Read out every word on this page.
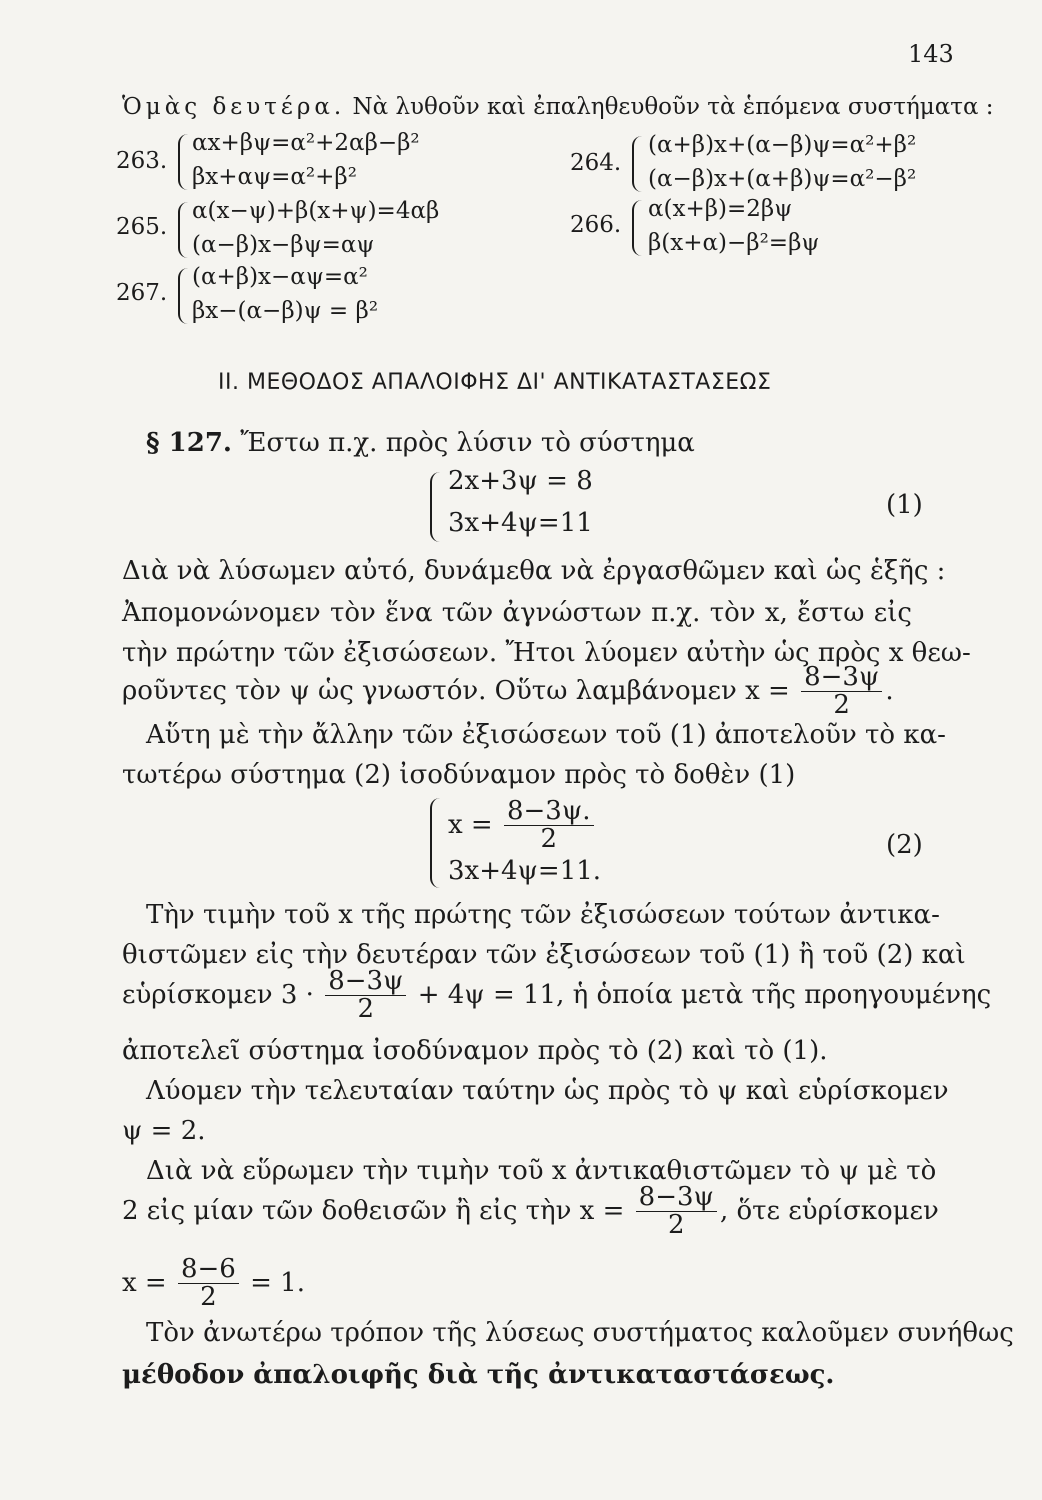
143
Ὁμὰς δευτέρα. Νὰ λυθοῦν καὶ ἐπαληθευθοῦν τὰ ἑπόμενα συστήματα :
263.
αx+βψ=α²+2αβ−β²
βx+αψ=α²+β²
264.
(α+β)x+(α−β)ψ=α²+β²
(α−β)x+(α+β)ψ=α²−β²
265.
α(x−ψ)+β(x+ψ)=4αβ
(α−β)x−βψ=αψ
266.
α(x+β)=2βψ
β(x+α)−β²=βψ
267.
(α+β)x−αψ=α²
βx−(α−β)ψ = β²
ΙΙ. ΜΕΘΟΔΟΣ ΑΠΑΛΟΙΦΗΣ ΔΙ' ΑΝΤΙΚΑΤΑΣΤΑΣΕΩΣ
§ 127. Ἔστω π.χ. πρὸς λύσιν τὸ σύστημα
2x+3ψ = 8
3x+4ψ=11
(1)
Διὰ νὰ λύσωμεν αὐτό, δυνάμεθα νὰ ἐργασθῶμεν καὶ ὡς ἑξῆς :
Ἀπομονώνομεν τὸν ἕνα τῶν ἀγνώστων π.χ. τὸν x, ἔστω εἰς
τὴν πρώτην τῶν ἐξισώσεων. Ἤτοι λύομεν αὐτὴν ὡς πρὸς x θεω-
ροῦντες τὸν ψ ὡς γνωστόν. Οὕτω λαμβάνομεν $x = \frac{8-3\psi}{2}$ .
Αὕτη μὲ τὴν ἄλλην τῶν ἐξισώσεων τοῦ (1) ἀποτελοῦν τὸ κα-
τωτέρω σύστημα (2) ἰσοδύναμον πρὸς τὸ δοθὲν (1)
$x = \frac{8-3\psi.}{2}$
3x+4ψ=11.
(2)
Τὴν τιμὴν τοῦ x τῆς πρώτης τῶν ἐξισώσεων τούτων ἀντικα-
θιστῶμεν εἰς τὴν δευτέραν τῶν ἐξισώσεων τοῦ (1) ἢ τοῦ (2) καὶ
εὑρίσκομεν $3 \cdot \frac{8-3\psi}{2} + 4\psi = 11$, ἡ ὁποία μετὰ τῆς προηγουμένης
ἀποτελεῖ σύστημα ἰσοδύναμον πρὸς τὸ (2) καὶ τὸ (1).
Λύομεν τὴν τελευταίαν ταύτην ὡς πρὸς τὸ ψ καὶ εὑρίσκομεν
ψ = 2.
Διὰ νὰ εὕρωμεν τὴν τιμὴν τοῦ x ἀντικαθιστῶμεν τὸ ψ μὲ τὸ
2 εἰς μίαν τῶν δοθεισῶν ἢ εἰς τὴν $x = \frac{8-3\psi}{2}$ , ὅτε εὑρίσκομεν
$x = \frac{8-6}{2} = 1$.
Τὸν ἀνωτέρω τρόπον τῆς λύσεως συστήματος καλοῦμεν συνήθως
μέθοδον ἀπαλοιφῆς διὰ τῆς ἀντικαταστάσεως.
